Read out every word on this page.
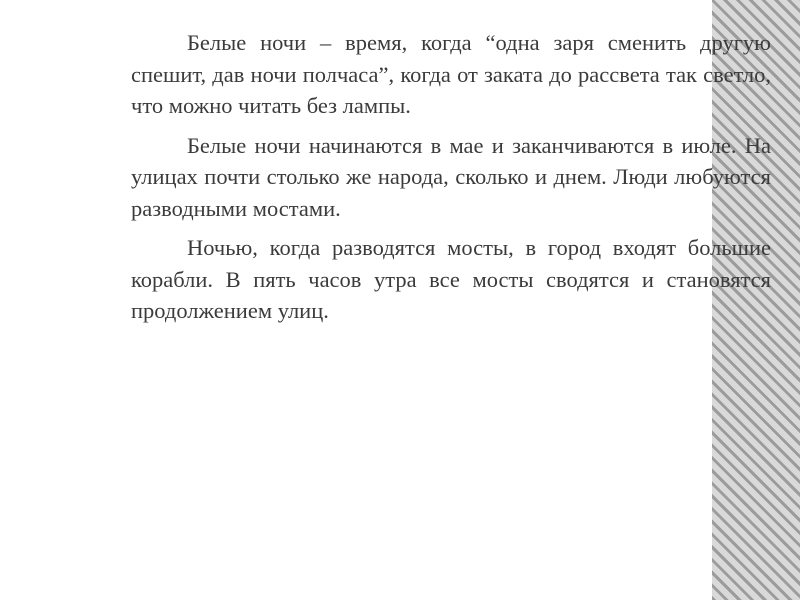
Белые ночи – время, когда “одна заря сменить другую спешит, дав ночи полчаса”, когда от заката до рассвета так светло, что можно читать без лампы.

Белые ночи начинаются в мае и заканчиваются в июле. На улицах почти столько же народа, сколько и днем. Люди любуются разводными мостами.

Ночью, когда разводятся мосты, в город входят большие корабли. В пять часов утра все мосты сводятся и становятся продолжением улиц.
